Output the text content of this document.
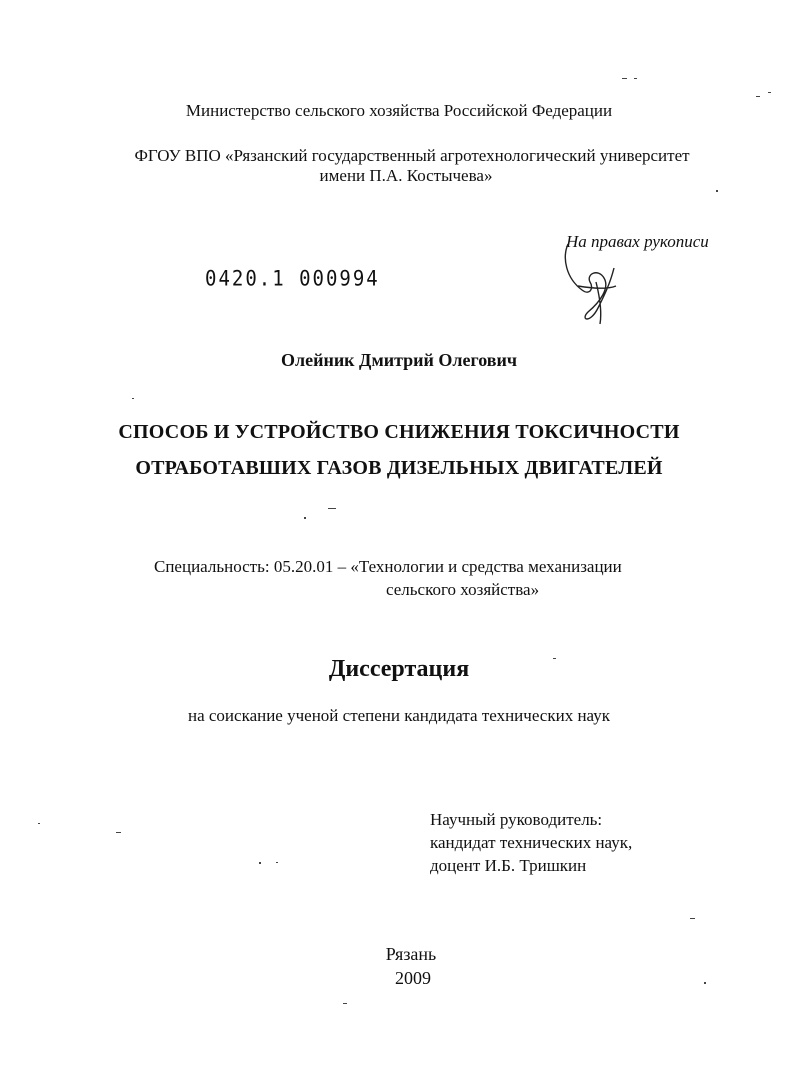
Министерство сельского хозяйства Российской Федерации
ФГОУ ВПО «Рязанский государственный агротехнологический университет
имени П.А. Костычева»
На правах рукописи
0420.1 000994
Олейник Дмитрий Олегович
СПОСОБ И УСТРОЙСТВО СНИЖЕНИЯ ТОКСИЧНОСТИ
ОТРАБОТАВШИХ ГАЗОВ ДИЗЕЛЬНЫХ ДВИГАТЕЛЕЙ
Специальность: 05.20.01 – «Технологии и средства механизации
сельского хозяйства»
Диссертация
на соискание ученой степени кандидата технических наук
Научный руководитель:
кандидат технических наук,
доцент И.Б. Тришкин
Рязань
2009
